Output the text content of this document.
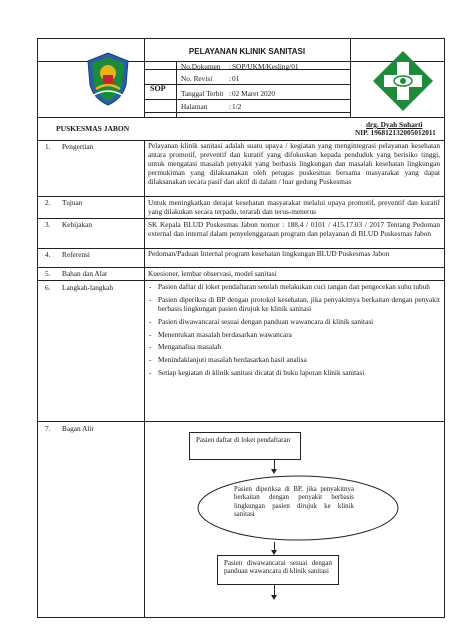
PELAYANAN KLINIK SANITASI
SOP
No.Dokumen : SOP/UKM/Kesling/01
No. Revisi : 01
Tanggal Terbit : 02 Maret 2020
Halaman	: 1/2
PUSKESMAS JABON	drg. Dyah Suharti
NIP. 196812132005012011
1. Pengertian	Pelayanan klinik sanitasi adalah suatu upaya / kegiatan yang mengintegrasi pelayanan kesehatan antara promotif, preventif dan kuratif yang difokuskan kepada penduduk yang berisiko tinggi, untuk mengatasi masalah penyakit yang berbasis lingkungan dan masalah kesehatan lingkungan permukiman yang dilaksanakan oleh petugas puskesmas bersama masyarakat yang dapat dilaksanakan secara pasif dan aktif di dalam / luar gedung Puskesmas
2. Tujuan	Untuk meningkatkan derajat kesehatan masyarakat melalui upaya promotif, preventif dan kuratif yang dilakukan secara terpadu, terarah dan terus-menerus
3. Kebijakan	SK Kepala BLUD Puskesmas Jabon nomor : 188.4 / 0101 / 415.17.03 / 2017 Tentang Pedoman external dan internal dalam penyelenggaraan program dan pelayanan di BLUD Puskesmas Jabon
4. Referensi	Pedoman/Paduan Internal program kesehatan lingkungan BLUD Puskesmas Jabon
5. Bahan dan Alat	Kuesioner, lembar observasi, model sanitasi
6. Langkah-langkah
-	Pasien daftar di loket pendaftaran setelah melakukan cuci tangan dan pengecekan suhu tubuh
- Pasien diperiksa di BP dengan protokol kesehatan, jika penyakitnya berkaitan dengan penyakit berbasis lingkungan pasien dirujuk ke klinik sanitasi
- Pasien diwawancarai sesuai dengan panduan wawancara di klinik sanitasi
- Menentukan masalah berdasarkan wawancara
- Menganalisa masalah
- Menindaklanjuti masalah berdasarkan hasil analisa
- Setiap kegiatan di klinik sanitasi dicatat di buku laporan klinik sanitasi
7. Bagan Alir
Pasien daftar di loket pendaftaran
Pasien diperiksa di BP, jika penyakitnya berkaitan dengan penyakit berbasis lingkungan pasien dirujuk ke klinik sanitasi
Pasien diwawancarai sesuai dengan panduan wawancara di klinik sanitasi
